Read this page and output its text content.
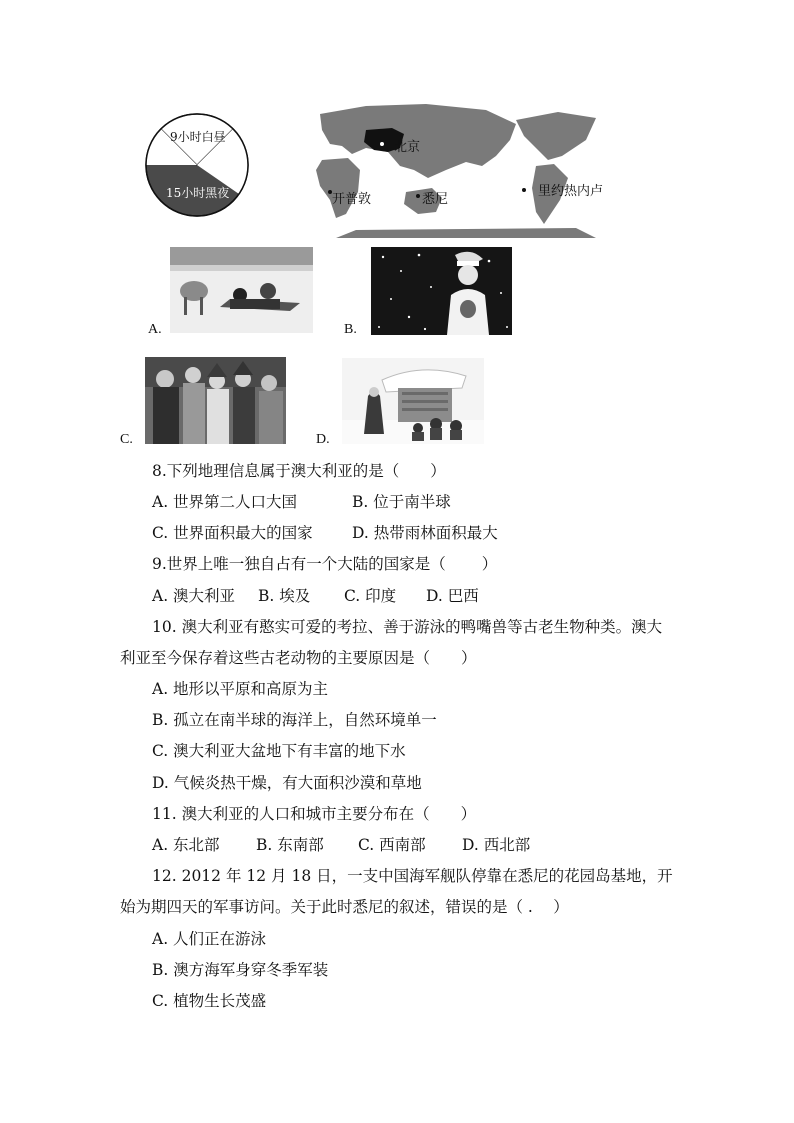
9小时白昼
15小时黑夜
北京
开普敦	悉尼
里约热内卢
A.	B.
C.	D.
8.下列地理信息属于澳大利亚的是（　　）
A. 世界第二人口大国	B. 位于南半球
C. 世界面积最大的国家	D. 热带雨林面积最大
9.世界上唯一独自占有一个大陆的国家是（　　 ）
A. 澳大利亚 B. 埃及 C. 印度 D. 巴西
10. 澳大利亚有憨实可爱的考拉、善于游泳的鸭嘴兽等古老生物种类。澳大
利亚至今保存着这些古老动物的主要原因是（　　）
A. 地形以平原和高原为主
B. 孤立在南半球的海洋上，自然环境单一
C. 澳大利亚大盆地下有丰富的地下水
D. 气候炎热干燥，有大面积沙漠和草地
11. 澳大利亚的人口和城市主要分布在（　　）
A. 东北部 B. 东南部 C. 西南部 D. 西北部
12. 2012 年 12 月 18 日，一支中国海军舰队停靠在悉尼的花园岛基地，开
始为期四天的军事访问。关于此时悉尼的叙述，错误的是（ .　 ）
A. 人们正在游泳
B. 澳方海军身穿冬季军装
C. 植物生长茂盛
